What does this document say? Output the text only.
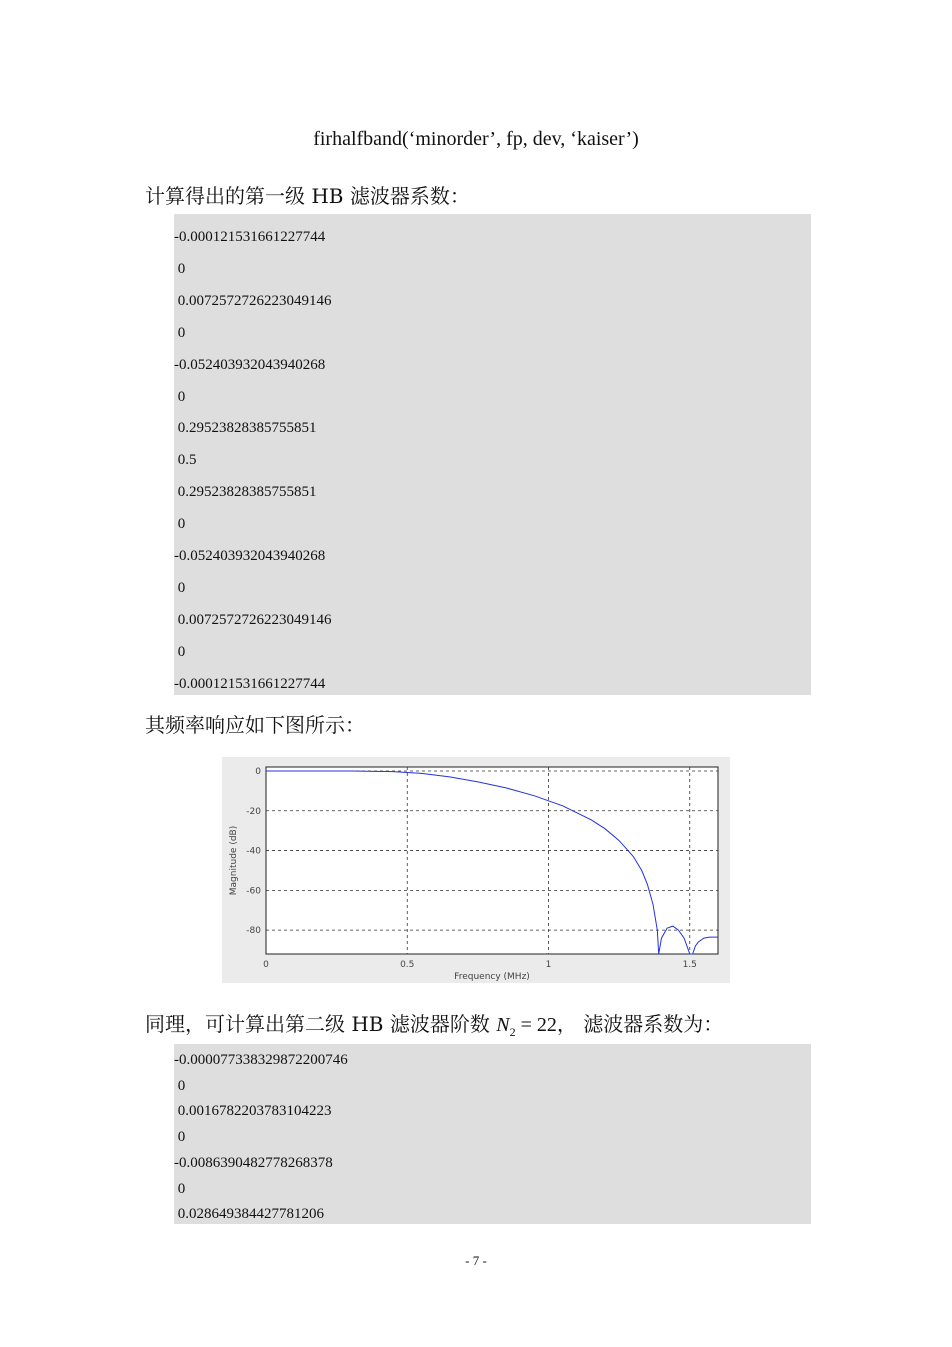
firhalfband(‘minorder’, fp, dev, ‘kaiser’)
计算得出的第一级 HB 滤波器系数：
-0.000121531661227744
0
0.0072572726223049146
0
-0.052403932043940268
0
0.29523828385755851
0.5
0.29523828385755851
0
-0.052403932043940268
0
0.0072572726223049146
0
-0.000121531661227744
其频率响应如下图所示：
0	0.5	1	1.5
0
-20
-40
-60
-80
Frequency (MHz)
Magnitude (dB)
同理，可计算出第二级 HB 滤波器阶数 $N_2 = 22$， 滤波器系数为：
-0.000077338329872200746
0
0.0016782203783104223
0
-0.0086390482778268378
0
0.028649384427781206
- 7 -
